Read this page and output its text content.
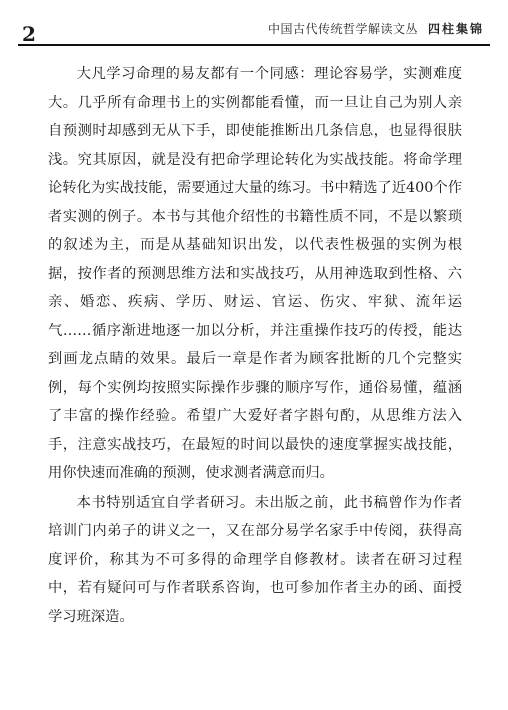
2	中国古代传统哲学解读文丛 四柱集锦

大凡学习命理的易友都有一个同感：理论容易学，实测难度大。几乎所有命理书上的实例都能看懂，而一旦让自己为别人亲自预测时却感到无从下手，即使能推断出几条信息，也显得很肤浅。究其原因，就是没有把命学理论转化为实战技能。将命学理论转化为实战技能，需要通过大量的练习。书中精选了近400个作者实测的例子。本书与其他介绍性的书籍性质不同，不是以繁琐的叙述为主，而是从基础知识出发，以代表性极强的实例为根据，按作者的预测思维方法和实战技巧，从用神选取到性格、六亲、婚恋、疾病、学历、财运、官运、伤灾、牢狱、流年运气……循序渐进地逐一加以分析，并注重操作技巧的传授，能达到画龙点睛的效果。最后一章是作者为顾客批断的几个完整实例，每个实例均按照实际操作步骤的顺序写作，通俗易懂，蕴涵了丰富的操作经验。希望广大爱好者字斟句酌，从思维方法入手，注意实战技巧，在最短的时间以最快的速度掌握实战技能，用你快速而准确的预测，使求测者满意而归。

本书特别适宜自学者研习。未出版之前，此书稿曾作为作者培训门内弟子的讲义之一，又在部分易学名家手中传阅，获得高度评价，称其为不可多得的命理学自修教材。读者在研习过程中，若有疑问可与作者联系咨询，也可参加作者主办的函、面授学习班深造。
